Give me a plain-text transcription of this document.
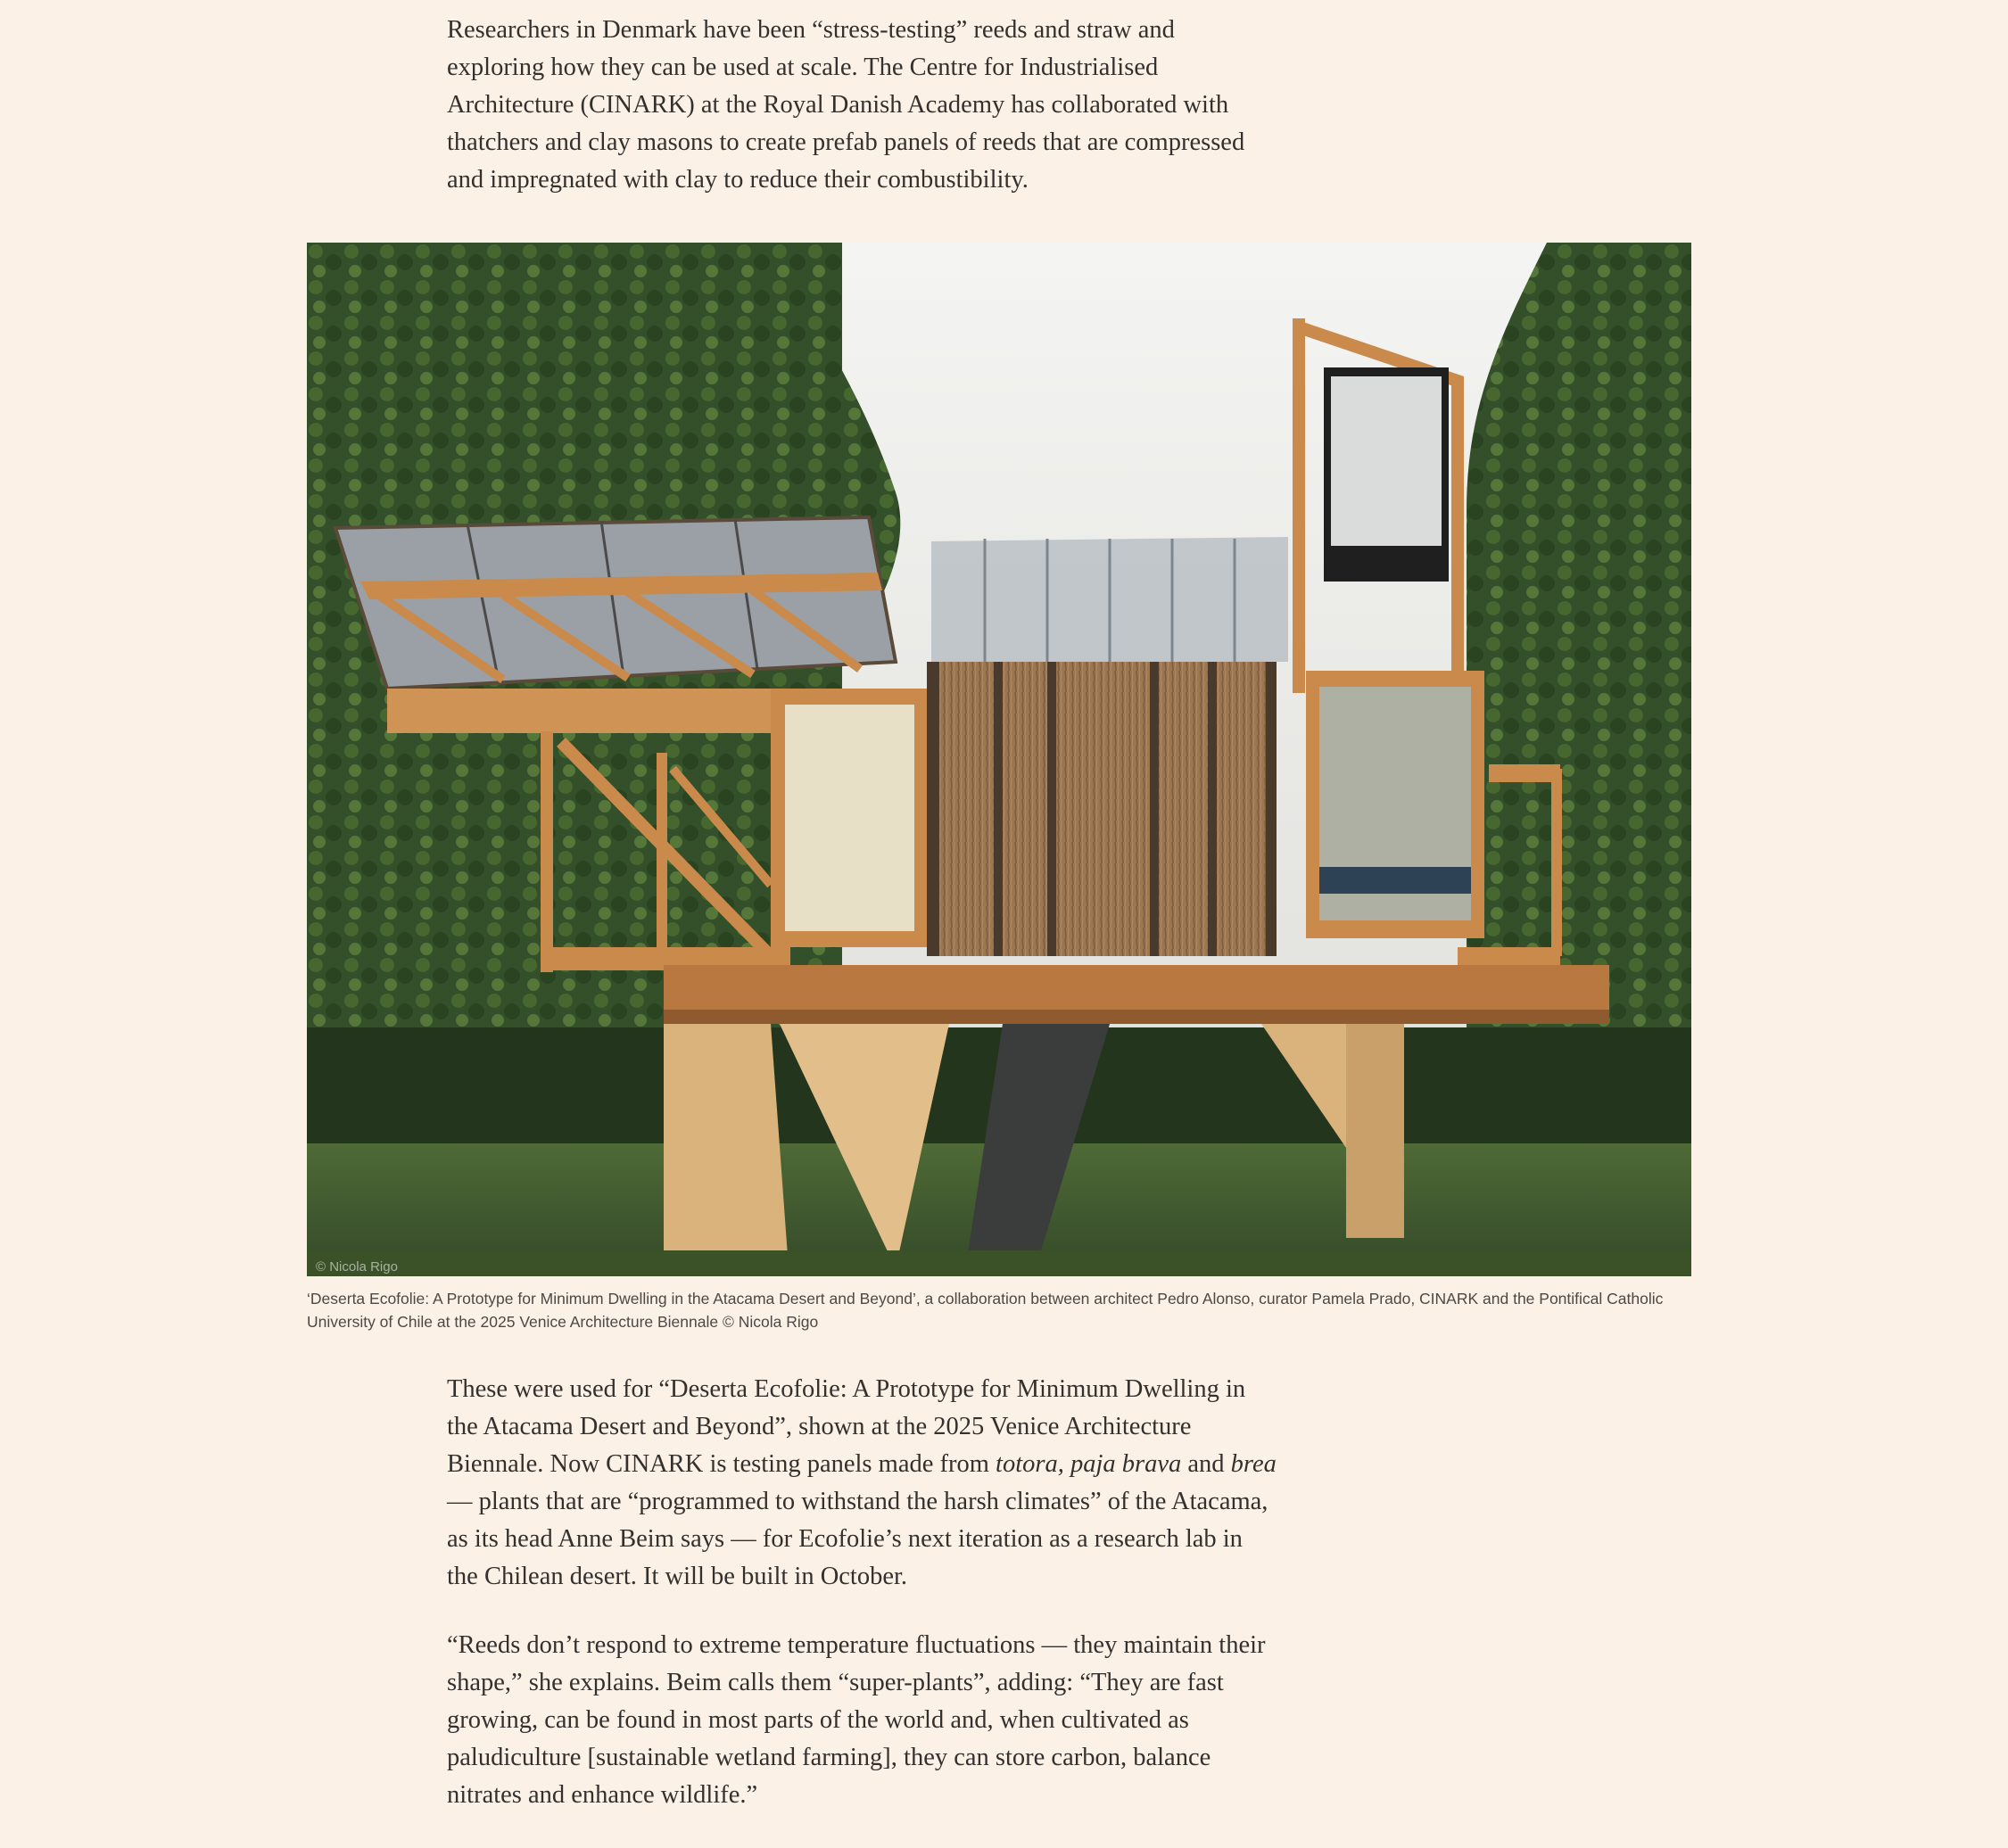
Researchers in Denmark have been “stress-testing” reeds and straw and exploring how they can be used at scale. The Centre for Industrialised Architecture (CINARK) at the Royal Danish Academy has collaborated with thatchers and clay masons to create prefab panels of reeds that are compressed and impregnated with clay to reduce their combustibility.

© Nicola Rigo

‘Deserta Ecofolie: A Prototype for Minimum Dwelling in the Atacama Desert and Beyond’, a collaboration between architect Pedro Alonso, curator Pamela Prado, CINARK and the Pontifical Catholic University of Chile at the 2025 Venice Architecture Biennale © Nicola Rigo

These were used for “Deserta Ecofolie: A Prototype for Minimum Dwelling in the Atacama Desert and Beyond”, shown at the 2025 Venice Architecture Biennale. Now CINARK is testing panels made from totora, paja brava and brea — plants that are “programmed to withstand the harsh climates” of the Atacama, as its head Anne Beim says — for Ecofolie’s next iteration as a research lab in the Chilean desert. It will be built in October.

“Reeds don’t respond to extreme temperature fluctuations — they maintain their shape,” she explains. Beim calls them “super-plants”, adding: “They are fast growing, can be found in most parts of the world and, when cultivated as paludiculture [sustainable wetland farming], they can store carbon, balance nitrates and enhance wildlife.”
